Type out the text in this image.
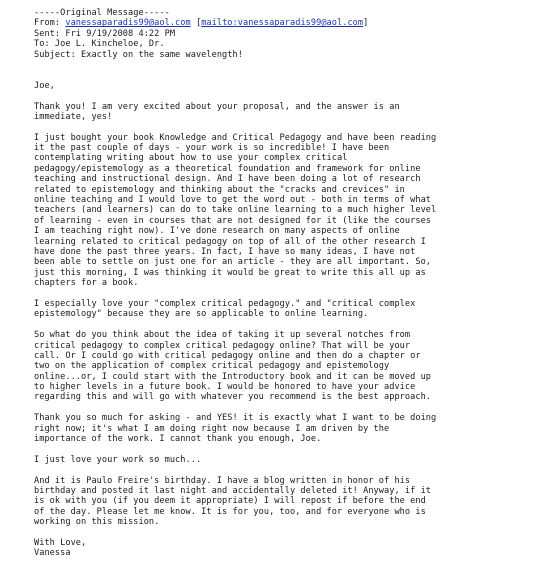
-----Original Message-----
From: vanessaparadis99@aol.com [mailto:vanessaparadis99@aol.com]
Sent: Fri 9/19/2008 4:22 PM
To: Joe L. Kincheloe, Dr.
Subject: Exactly on the same wavelength!
Joe,
Thank you! I am very excited about your proposal, and the answer is an
immediate, yes!
I just bought your book Knowledge and Critical Pedagogy and have been reading
it the past couple of days - your work is so incredible! I have been
contemplating writing about how to use your complex critical
pedagogy/epistemology as a theoretical foundation and framework for online
teaching and instructional design. And I have been doing a lot of research
related to epistemology and thinking about the "cracks and crevices" in
online teaching and I would love to get the word out - both in terms of what
teachers (and learners) can do to take online learning to a much higher level
of learning - even in courses that are not designed for it (like the courses
I am teaching right now). I've done research on many aspects of online
learning related to critical pedagogy on top of all of the other research I
have done the past three years. In fact, I have so many ideas, I have not
been able to settle on just one for an article - they are all important. So,
just this morning, I was thinking it would be great to write this all up as
chapters for a book.
I especially love your "complex critical pedagogy." and "critical complex
epistemology" because they are so applicable to online learning.
So what do you think about the idea of taking it up several notches from
critical pedagogy to complex critical pedagogy online? That will be your
call. Or I could go with critical pedagogy online and then do a chapter or
two on the application of complex critical pedagogy and epistemology
online...or, I could start with the Introductory book and it can be moved up
to higher levels in a future book. I would be honored to have your advice
regarding this and will go with whatever you recommend is the best approach.
Thank you so much for asking - and YES! it is exactly what I want to be doing
right now; it's what I am doing right now because I am driven by the
importance of the work. I cannot thank you enough, Joe.
I just love your work so much...
And it is Paulo Freire's birthday. I have a blog written in honor of his
birthday and posted it last night and accidentally deleted it! Anyway, if it
is ok with you (if you deem it appropriate) I will repost if before the end
of the day. Please let me know. It is for you, too, and for everyone who is
working on this mission.
With Love,
Vanessa
